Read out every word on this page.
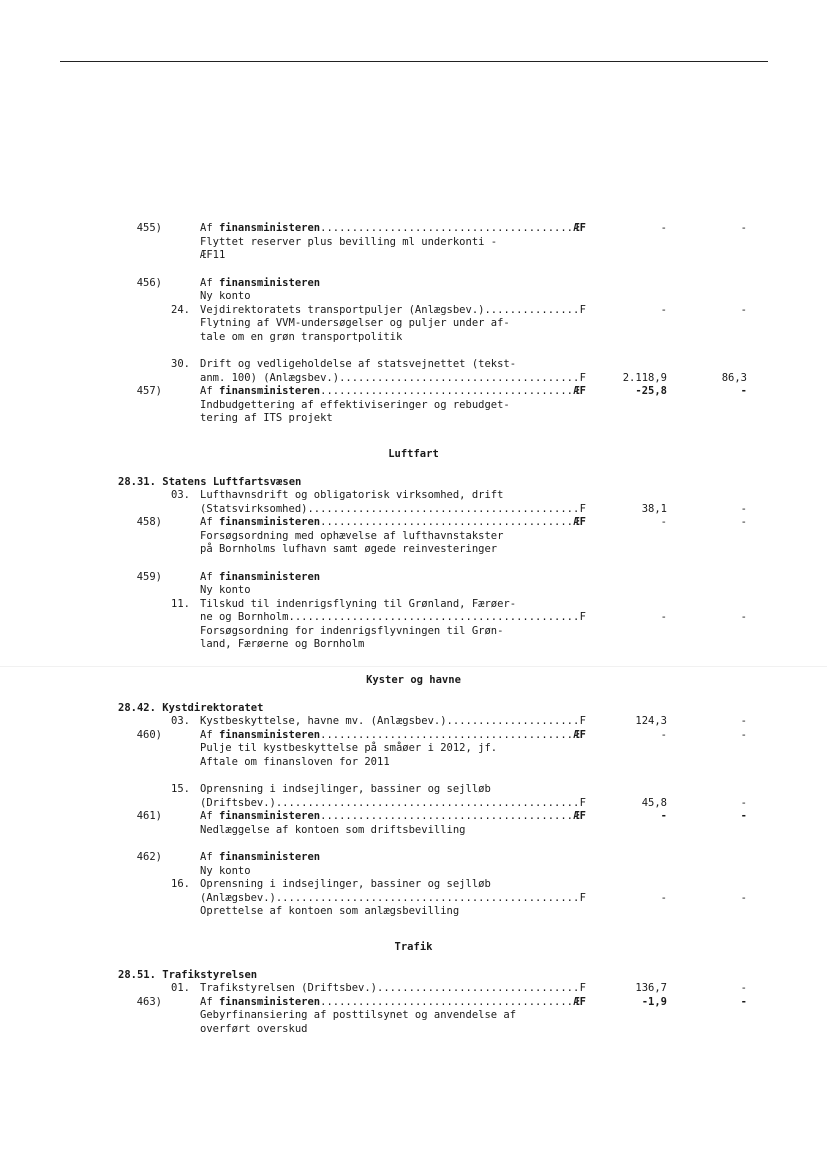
455)	Af finansministeren .....	ÆF	-	-
Flyttet reserver plus bevilling ml underkonti -
ÆF11
456)	Af finansministeren
Ny konto
24. Vejdirektoratets transportpuljer (Anlægsbev.) .....	F	-	-
Flytning af VVM-undersøgelser og puljer under af-
tale om en grøn transportpolitik
30. Drift og vedligeholdelse af statsvejnettet (tekst-
anm. 100) (Anlægsbev.) .....	F	2.118,9	86,3
457)	Af finansministeren .....	ÆF	-25,8	-
Indbudgettering af effektiviseringer og rebudget-
tering af ITS projekt
Luftfart
28.31. Statens Luftfartsvæsen
03. Lufthavnsdrift og obligatorisk virksomhed, drift
(Statsvirksomhed) .....	F	38,1	-
458)	Af finansministeren .....	ÆF	-	-
Forsøgsordning med ophævelse af lufthavnstakster
på Bornholms lufhavn samt øgede reinvesteringer
459)	Af finansministeren
Ny konto
11. Tilskud til indenrigsflyning til Grønland, Færøer-
ne og Bornholm .....	F	-	-
Forsøgsordning for indenrigsflyvningen til Grøn-
land, Færøerne og Bornholm
Kyster og havne
28.42. Kystdirektoratet
03. Kystbeskyttelse, havne mv. (Anlægsbev.) .....	F	124,3	-
460)	Af finansministeren .....	ÆF	-	-
Pulje til kystbeskyttelse på småøer i 2012, jf.
Aftale om finansloven for 2011
15. Oprensning i indsejlinger, bassiner og sejlløb
(Driftsbev.) .....	F	45,8	-
461)	Af finansministeren .....	ÆF	-	-
Nedlæggelse af kontoen som driftsbevilling
462)	Af finansministeren
Ny konto
16. Oprensning i indsejlinger, bassiner og sejlløb
(Anlægsbev.) .....	F	-	-
Oprettelse af kontoen som anlægsbevilling
Trafik
28.51. Trafikstyrelsen
01. Trafikstyrelsen (Driftsbev.) .....	F	136,7	-
463)	Af finansministeren .....	ÆF	-1,9	-
Gebyrfinansiering af posttilsynet og anvendelse af
overført overskud
